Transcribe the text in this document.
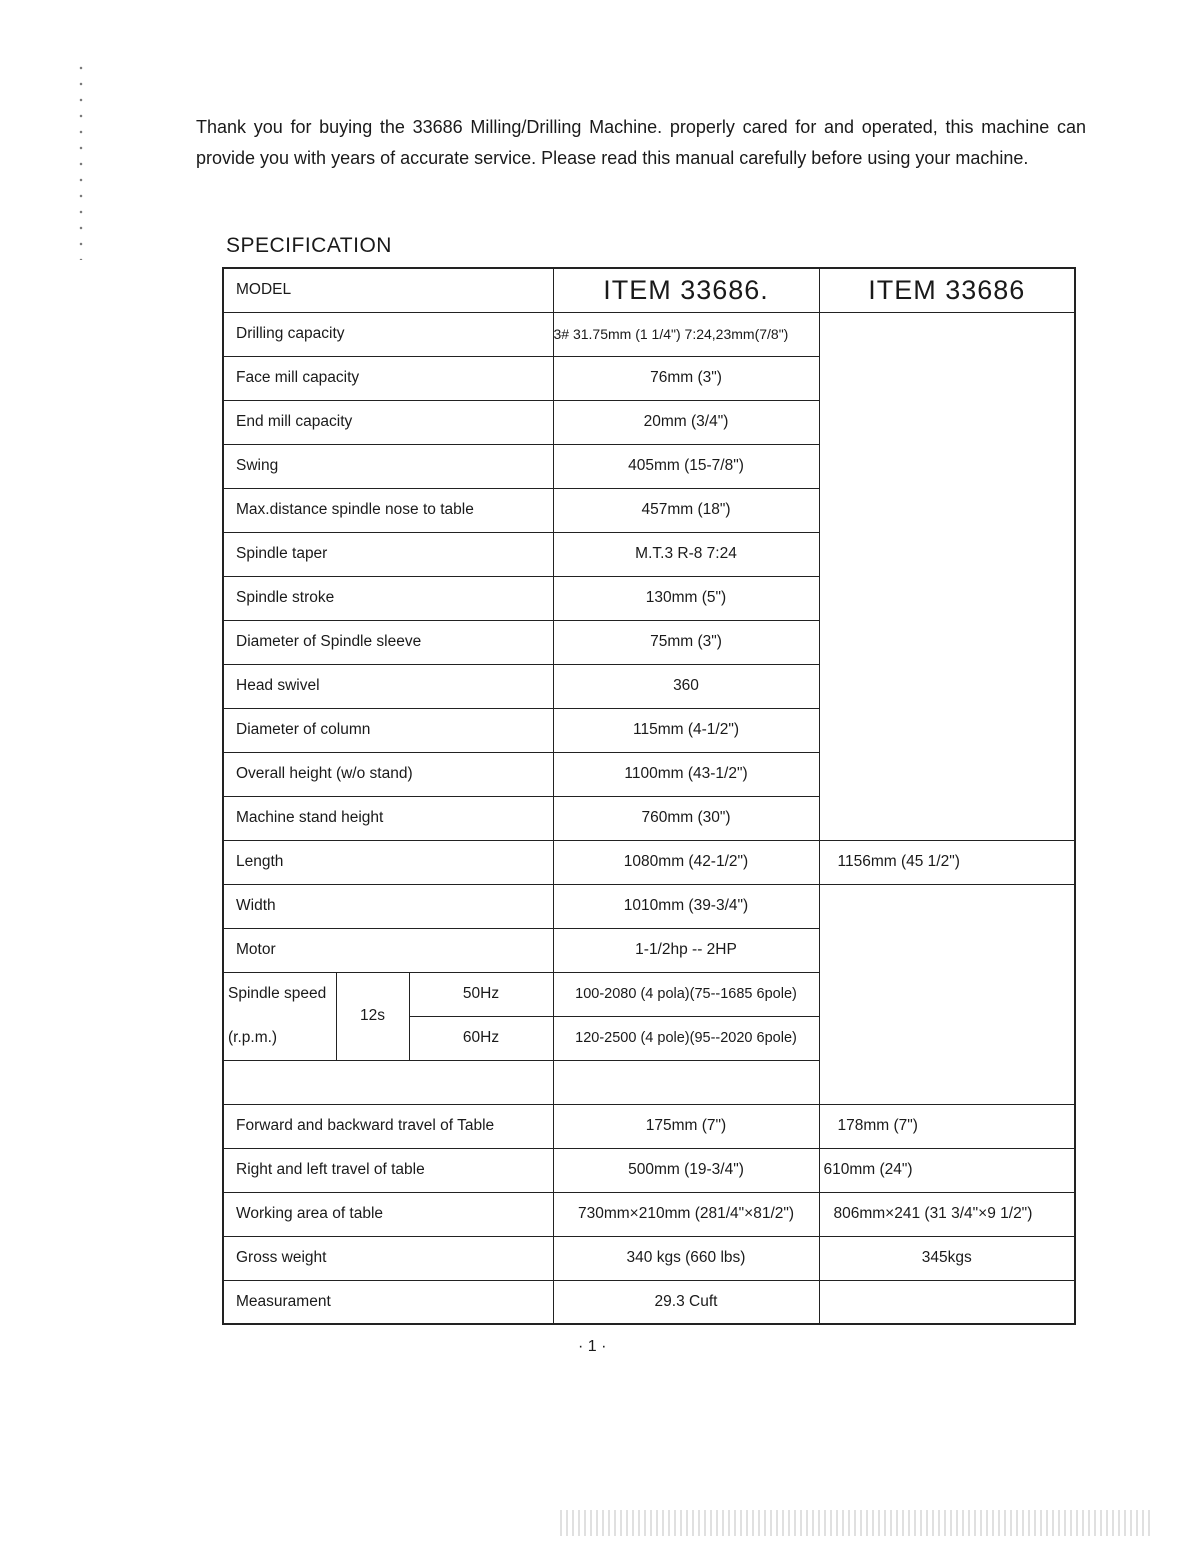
Thank you for buying the 33686 Milling/Drilling Machine. properly cared for and operated, this machine can provide you with years of accurate service. Please read this manual carefully before using your machine.

SPECIFICATION
MODEL			ITEM 33686.	ITEM 33686
Drilling capacity			3# 31.75mm (1 1/4") 7:24,23mm(7/8")	
Face mill capacity			76mm (3")	
End mill capacity			20mm (3/4")	
Swing			405mm (15-7/8")	
Max.distance spindle nose to table			457mm (18")	
Spindle taper			M.T.3 R-8 7:24	
Spindle stroke			130mm (5")	
Diameter of Spindle sleeve			75mm (3")	
Head swivel			360	
Diameter of column			115mm (4-1/2")	
Overall height (w/o stand)			1100mm (43-1/2")	
Machine stand height			760mm (30")	
Length			1080mm (42-1/2")	1156mm (45 1/2")
Width			1010mm (39-3/4")	
Motor			1-1/2hp -- 2HP	
Spindle speed	12s	50Hz	100-2080 (4 pola)(75--1685 6pole)	
(r.p.m.)		60Hz	120-2500 (4 pole)(95--2020 6pole)	

Forward and backward travel of Table			175mm (7")	178mm (7")
Right and left travel of table			500mm (19-3/4")	610mm (24")
Working area of table			730mm×210mm (281/4"×81/2")	806mm×241 (31 3/4"×9 1/2")
Gross weight			340 kgs (660 lbs)	345kgs
Measurament			29.3 Cuft	
· 1 ·
